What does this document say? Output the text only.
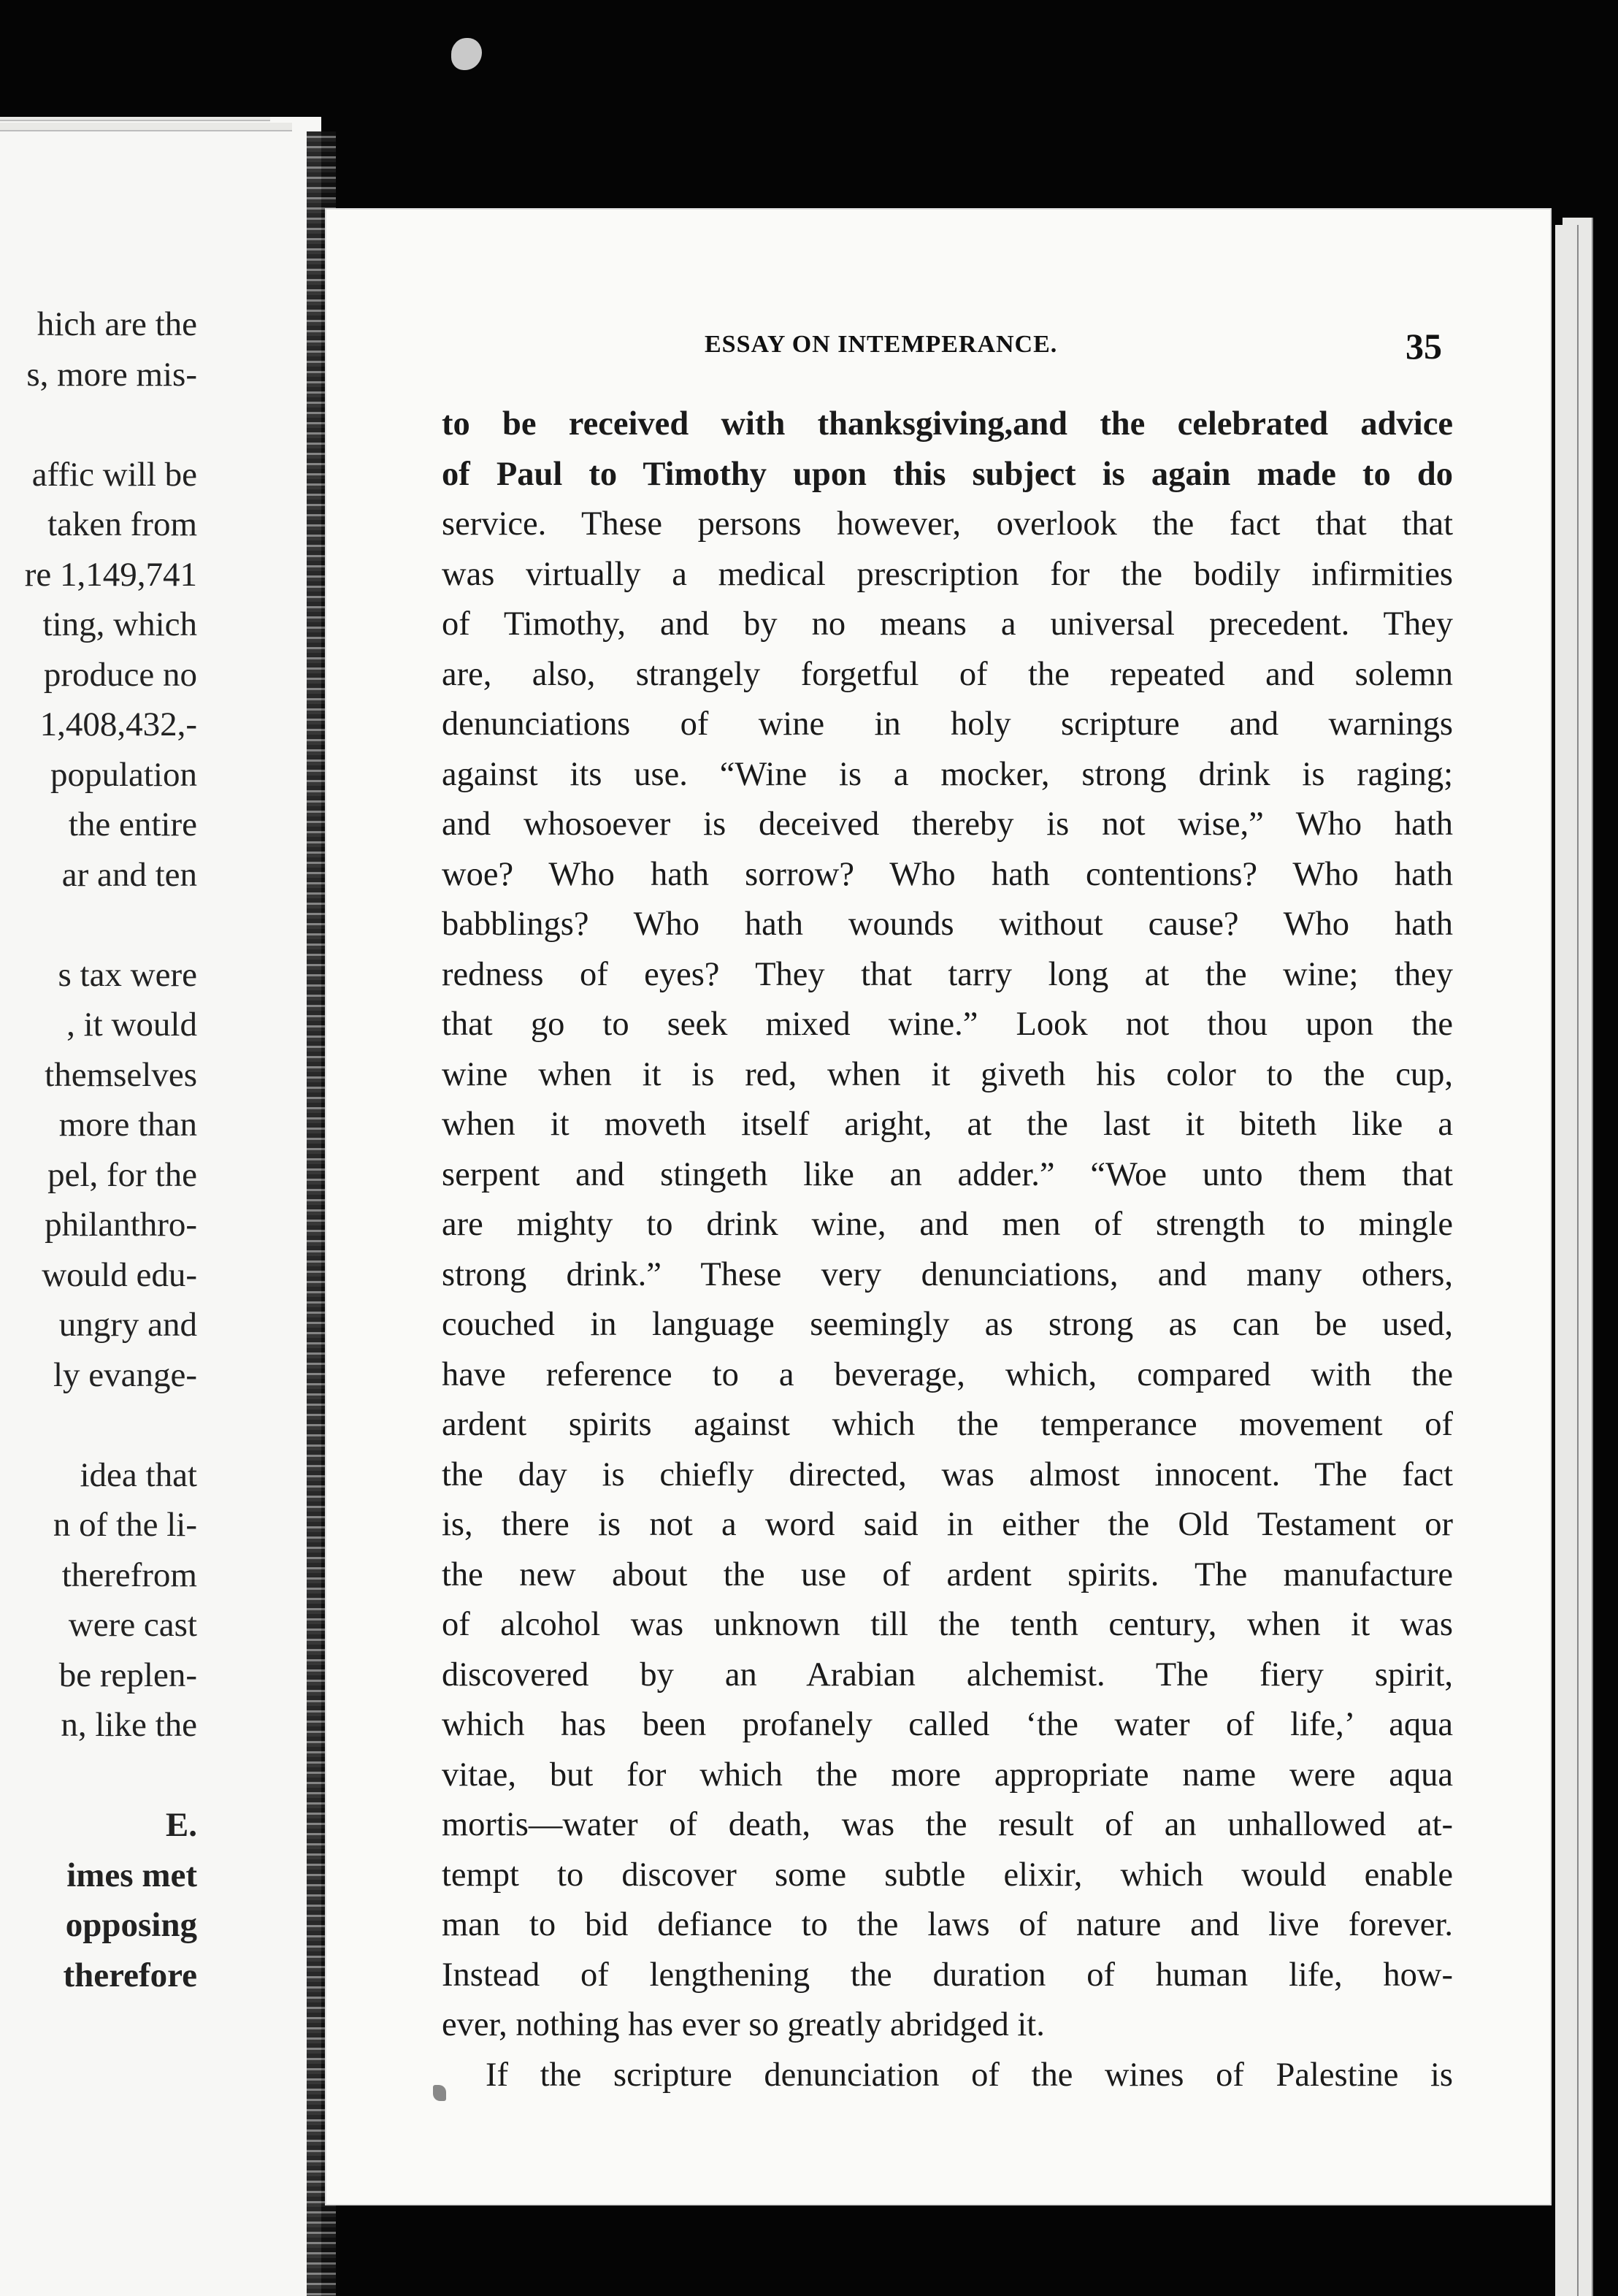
hich are the
s, more mis-
affic will be
taken from
re 1,149,741
ting, which
produce no
1,408,432,-
population
the entire
ar and ten
s tax were
, it would
themselves
more than
pel, for the
philanthro-
would edu-
ungry and
ly evange-
idea that
n of the li-
therefrom
were cast
be replen-
n, like the
E.
imes met
opposing
therefore
ESSAY ON INTEMPERANCE.	35
to be received with thanksgiving,and the celebrated advice
of Paul to Timothy upon this subject is again made to do
service. These persons however, overlook the fact that that
was virtually a medical prescription for the bodily infirmities
of Timothy, and by no means a universal precedent. They
are, also, strangely forgetful of the repeated and solemn
denunciations of wine in holy scripture and warnings
against its use. “Wine is a mocker, strong drink is raging;
and whosoever is deceived thereby is not wise,” Who hath
woe? Who hath sorrow? Who hath contentions? Who hath
babblings? Who hath wounds without cause? Who hath
redness of eyes? They that tarry long at the wine; they
that go to seek mixed wine.” Look not thou upon the
wine when it is red, when it giveth his color to the cup,
when it moveth itself aright, at the last it biteth like a
serpent and stingeth like an adder.” “Woe unto them that
are mighty to drink wine, and men of strength to mingle
strong drink.” These very denunciations, and many others,
couched in language seemingly as strong as can be used,
have reference to a beverage, which, compared with the
ardent spirits against which the temperance movement of
the day is chiefly directed, was almost innocent. The fact
is, there is not a word said in either the Old Testament or
the new about the use of ardent spirits. The manufacture
of alcohol was unknown till the tenth century, when it was
discovered by an Arabian alchemist. The fiery spirit,
which has been profanely called ‘the water of life,’ aqua
vitae, but for which the more appropriate name were aqua
mortis—water of death, was the result of an unhallowed at-
tempt to discover some subtle elixir, which would enable
man to bid defiance to the laws of nature and live forever.
Instead of lengthening the duration of human life, how-
ever, nothing has ever so greatly abridged it.
If the scripture denunciation of the wines of Palestine is
